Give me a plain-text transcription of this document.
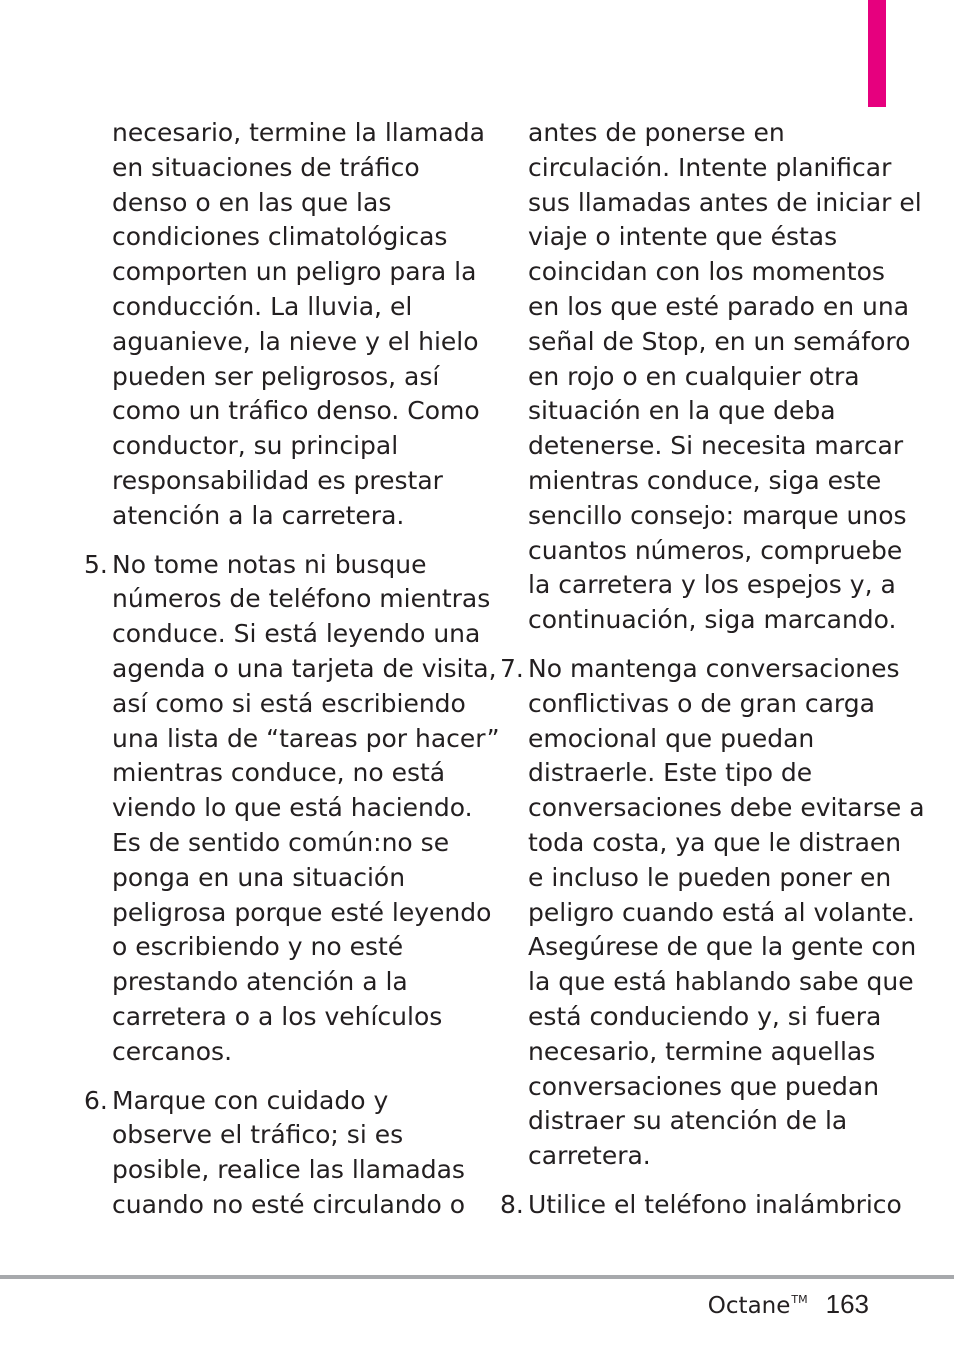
necesario, termine la llamada
en situaciones de tráfico
denso o en las que las
condiciones climatológicas
comporten un peligro para la
conducción. La lluvia, el
aguanieve, la nieve y el hielo
pueden ser peligrosos, así
como un tráfico denso. Como
conductor, su principal
responsabilidad es prestar
atención a la carretera.
5. No tome notas ni busque
números de teléfono mientras
conduce. Si está leyendo una
agenda o una tarjeta de visita,
así como si está escribiendo
una lista de “tareas por hacer”
mientras conduce, no está
viendo lo que está haciendo.
Es de sentido común:no se
ponga en una situación
peligrosa porque esté leyendo
o escribiendo y no esté
prestando atención a la
carretera o a los vehículos
cercanos.
6. Marque con cuidado y
observe el tráfico; si es
posible, realice las llamadas
cuando no esté circulando o
antes de ponerse en
circulación. Intente planificar
sus llamadas antes de iniciar el
viaje o intente que éstas
coincidan con los momentos
en los que esté parado en una
señal de Stop, en un semáforo
en rojo o en cualquier otra
situación en la que deba
detenerse. Si necesita marcar
mientras conduce, siga este
sencillo consejo: marque unos
cuantos números, compruebe
la carretera y los espejos y, a
continuación, siga marcando.
7. No mantenga conversaciones
conflictivas o de gran carga
emocional que puedan
distraerle. Este tipo de
conversaciones debe evitarse a
toda costa, ya que le distraen
e incluso le pueden poner en
peligro cuando está al volante.
Asegúrese de que la gente con
la que está hablando sabe que
está conduciendo y, si fuera
necesario, termine aquellas
conversaciones que puedan
distraer su atención de la
carretera.
8. Utilice el teléfono inalámbrico
Octane™ 163
